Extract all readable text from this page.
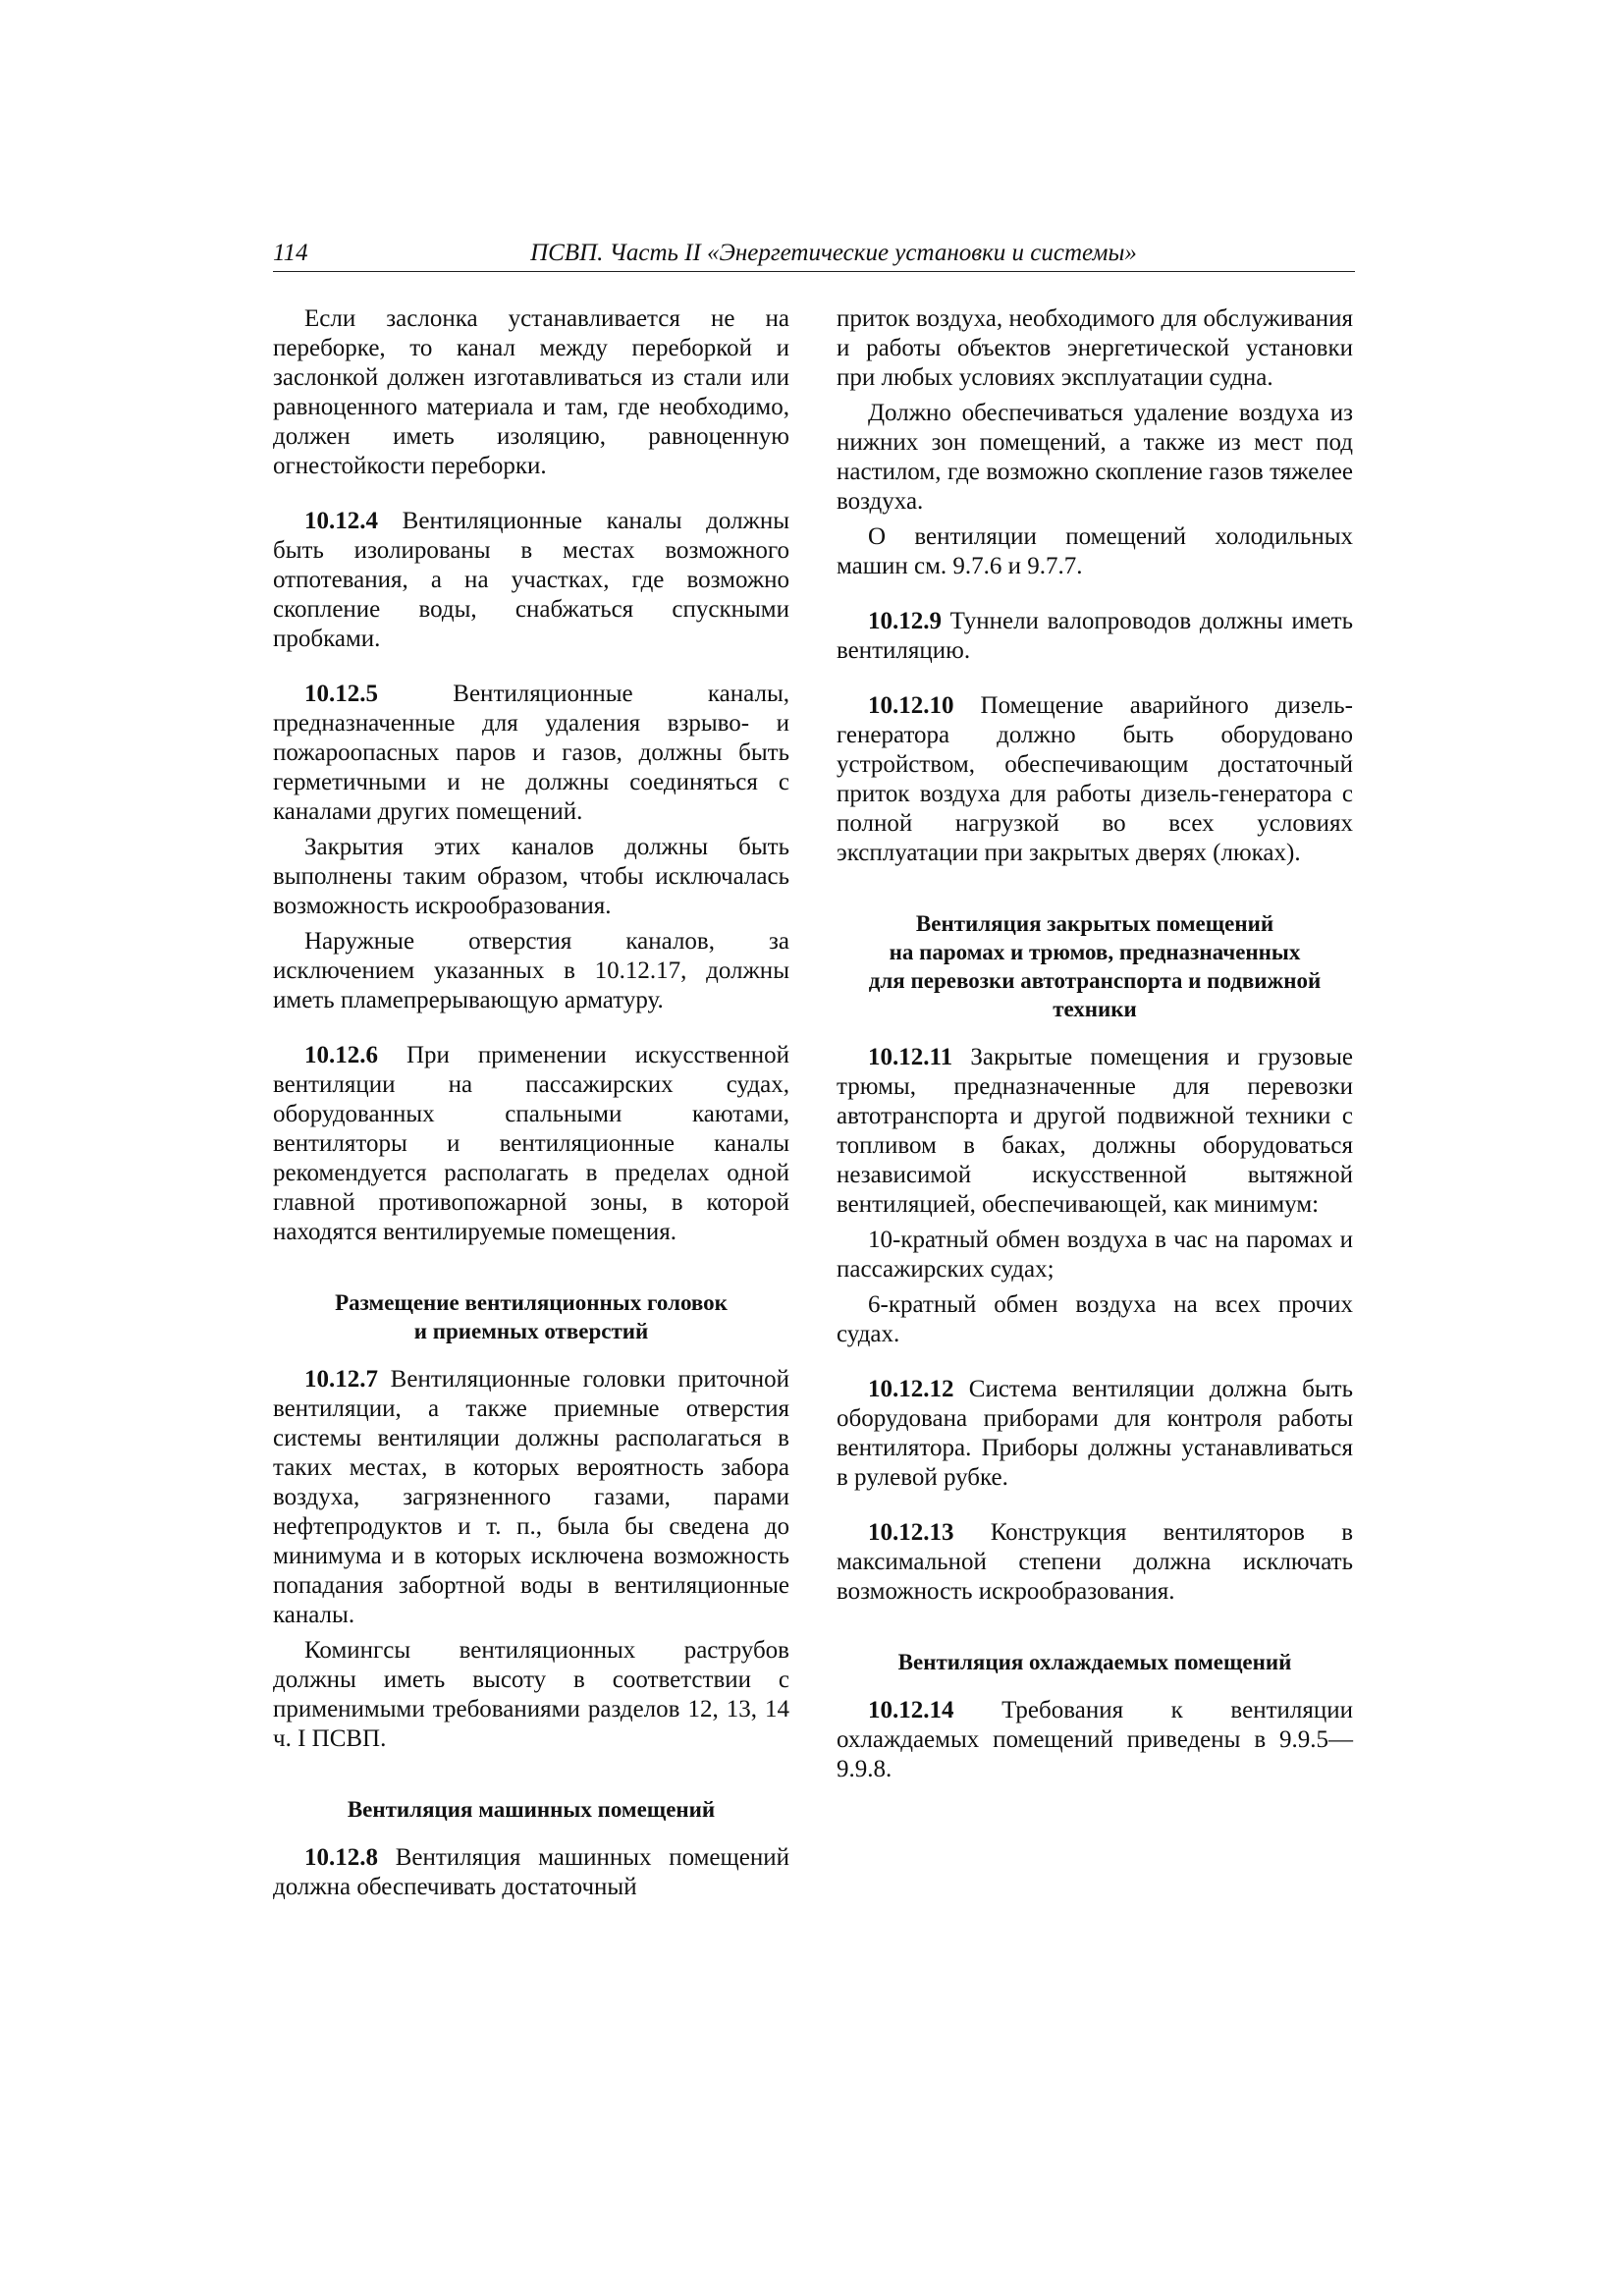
114	ПСВП. Часть II «Энергетические установки и системы»

Если заслонка устанавливается не на переборке, то канал между переборкой и заслонкой должен изготавливаться из стали или равноценного материала и там, где необходимо, должен иметь изоляцию, равноценную огнестойкости переборки.

10.12.4 Вентиляционные каналы должны быть изолированы в местах возможного отпотевания, а на участках, где возможно скопление воды, снабжаться спускными пробками.

10.12.5 Вентиляционные каналы, предназначенные для удаления взрыво- и пожароопасных паров и газов, должны быть герметичными и не должны соединяться с каналами других помещений.

Закрытия этих каналов должны быть выполнены таким образом, чтобы исключалась возможность искрообразования.

Наружные отверстия каналов, за исключением указанных в 10.12.17, должны иметь пламепрерывающую арматуру.

10.12.6 При применении искусственной вентиляции на пассажирских судах, оборудованных спальными каютами, вентиляторы и вентиляционные каналы рекомендуется располагать в пределах одной главной противопожарной зоны, в которой находятся вентилируемые помещения.

Размещение вентиляционных головок
и приемных отверстий

10.12.7 Вентиляционные головки приточной вентиляции, а также приемные отверстия системы вентиляции должны располагаться в таких местах, в которых вероятность забора воздуха, загрязненного газами, парами нефтепродуктов и т. п., была бы сведена до минимума и в которых исключена возможность попадания забортной воды в вентиляционные каналы.

Комингсы вентиляционных раструбов должны иметь высоту в соответствии с применимыми требованиями разделов 12, 13, 14 ч. I ПСВП.

Вентиляция машинных помещений

10.12.8 Вентиляция машинных помещений должна обеспечивать достаточный

приток воздуха, необходимого для обслуживания и работы объектов энергетической установки при любых условиях эксплуатации судна.

Должно обеспечиваться удаление воздуха из нижних зон помещений, а также из мест под настилом, где возможно скопление газов тяжелее воздуха.

О вентиляции помещений холодильных машин см. 9.7.6 и 9.7.7.

10.12.9 Туннели валопроводов должны иметь вентиляцию.

10.12.10 Помещение аварийного дизель-генератора должно быть оборудовано устройством, обеспечивающим достаточный приток воздуха для работы дизель-генератора с полной нагрузкой во всех условиях эксплуатации при закрытых дверях (люках).

Вентиляция закрытых помещений
на паромах и трюмов, предназначенных
для перевозки автотранспорта и подвижной
техники

10.12.11 Закрытые помещения и грузовые трюмы, предназначенные для перевозки автотранспорта и другой подвижной техники с топливом в баках, должны оборудоваться независимой искусственной вытяжной вентиляцией, обеспечивающей, как минимум:

10-кратный обмен воздуха в час на паромах и пассажирских судах;

6-кратный обмен воздуха на всех прочих судах.

10.12.12 Система вентиляции должна быть оборудована приборами для контроля работы вентилятора. Приборы должны устанавливаться в рулевой рубке.

10.12.13 Конструкция вентиляторов в максимальной степени должна исключать возможность искрообразования.

Вентиляция охлаждаемых помещений

10.12.14 Требования к вентиляции охлаждаемых помещений приведены в 9.9.5—9.9.8.
